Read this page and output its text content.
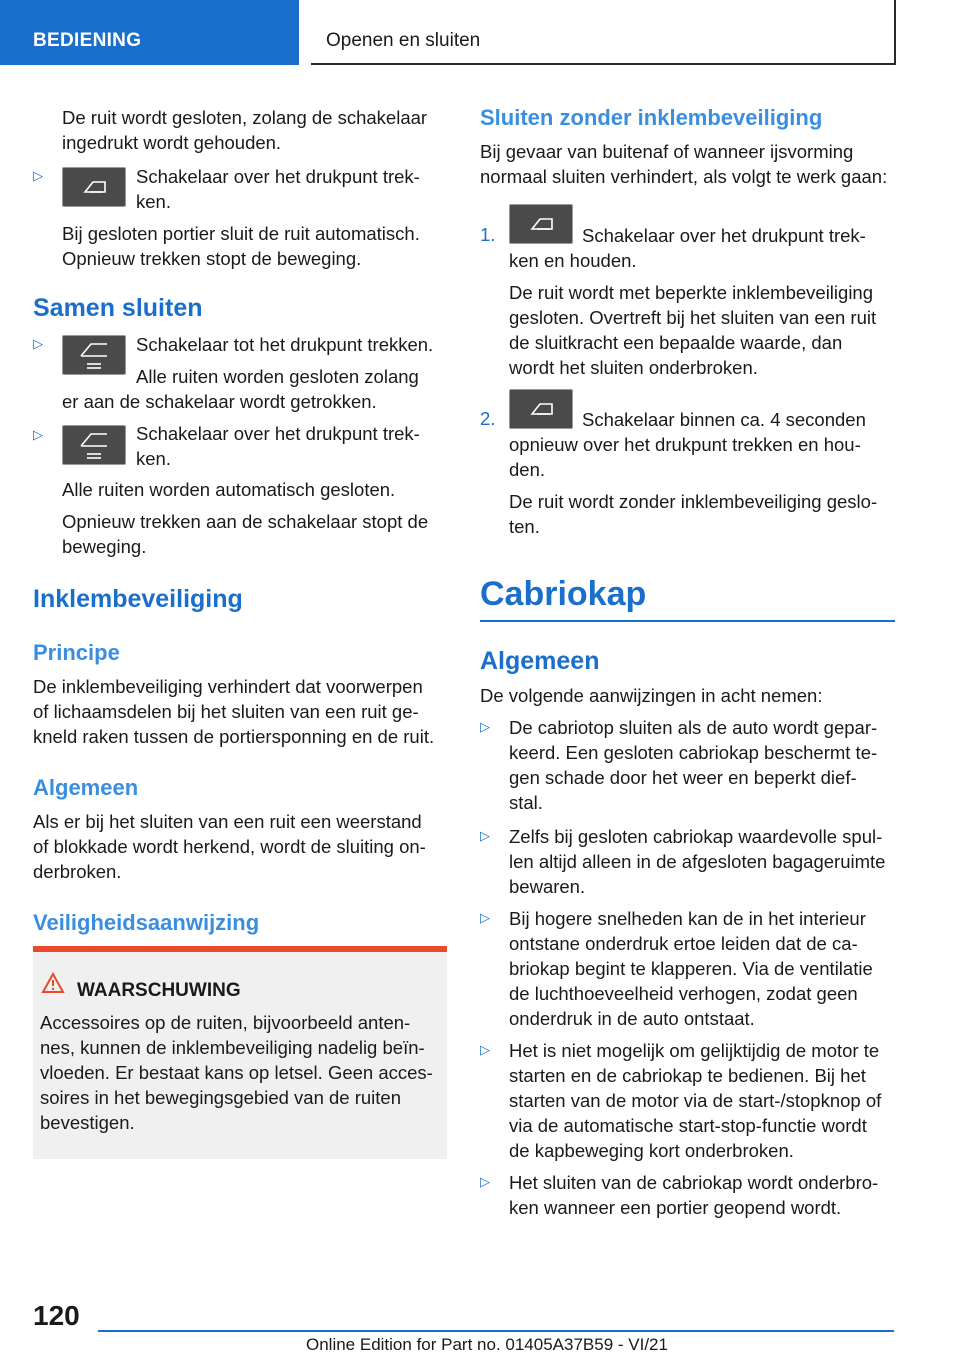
BEDIENING	Openen en sluiten
De ruit wordt gesloten, zolang de schakelaar
ingedrukt wordt gehouden.
▷	Schakelaar over het drukpunt trek-
ken.
Bij gesloten portier sluit de ruit automatisch.
Opnieuw trekken stopt de beweging.
Samen sluiten
▷	Schakelaar tot het drukpunt trekken.
Alle ruiten worden gesloten zolang
er aan de schakelaar wordt getrokken.
▷	Schakelaar over het drukpunt trek-
ken.
Alle ruiten worden automatisch gesloten.
Opnieuw trekken aan de schakelaar stopt de
beweging.
Inklembeveiliging
Principe
De inklembeveiliging verhindert dat voorwerpen
of lichaamsdelen bij het sluiten van een ruit ge-
kneld raken tussen de portiersponning en de ruit.
Algemeen
Als er bij het sluiten van een ruit een weerstand
of blokkade wordt herkend, wordt de sluiting on-
derbroken.
Veiligheidsaanwijzing
WAARSCHUWING
Accessoires op de ruiten, bijvoorbeeld anten-
nes, kunnen de inklembeveiliging nadelig beïn-
vloeden. Er bestaat kans op letsel. Geen acces-
soires in het bewegingsgebied van de ruiten
bevestigen.
Sluiten zonder inklembeveiliging
Bij gevaar van buitenaf of wanneer ijsvorming
normaal sluiten verhindert, als volgt te werk gaan:
1.	Schakelaar over het drukpunt trek-
ken en houden.
De ruit wordt met beperkte inklembeveiliging
gesloten. Overtreft bij het sluiten van een ruit
de sluitkracht een bepaalde waarde, dan
wordt het sluiten onderbroken.
2.	Schakelaar binnen ca. 4 seconden
opnieuw over het drukpunt trekken en hou-
den.
De ruit wordt zonder inklembeveiliging geslo-
ten.
Cabriokap
Algemeen
De volgende aanwijzingen in acht nemen:
▷ De cabriotop sluiten als de auto wordt gepar-
keerd. Een gesloten cabriokap beschermt te-
gen schade door het weer en beperkt dief-
stal.
▷ Zelfs bij gesloten cabriokap waardevolle spul-
len altijd alleen in de afgesloten bagageruimte
bewaren.
▷ Bij hogere snelheden kan de in het interieur
ontstane onderdruk ertoe leiden dat de ca-
briokap begint te klapperen. Via de ventilatie
de luchthoeveelheid verhogen, zodat geen
onderdruk in de auto ontstaat.
▷ Het is niet mogelijk om gelijktijdig de motor te
starten en de cabriokap te bedienen. Bij het
starten van de motor via de start-/stopknop of
via de automatische start-stop-functie wordt
de kapbeweging kort onderbroken.
▷ Het sluiten van de cabriokap wordt onderbro-
ken wanneer een portier geopend wordt.
120
Online Edition for Part no. 01405A37B59 - VI/21
